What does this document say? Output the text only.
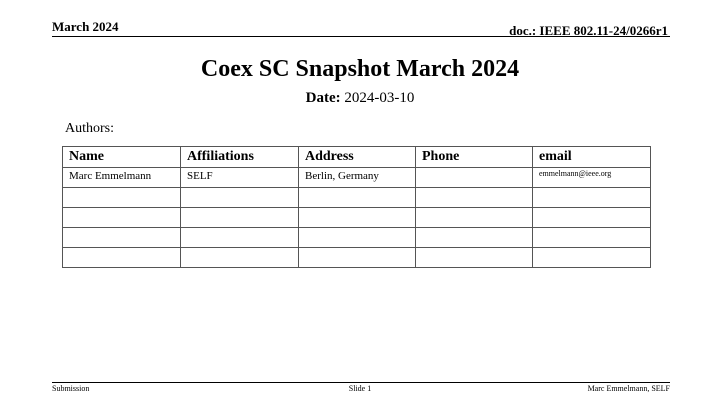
March 2024	doc.: IEEE 802.11-24/0266r1
Coex SC Snapshot March 2024
Date: 2024-03-10
Authors:
Name	Affiliations	Address	Phone	email
Marc Emmelmann	SELF	Berlin, Germany		emmelmann@ieee.org

Submission	Slide 1	Marc Emmelmann, SELF
